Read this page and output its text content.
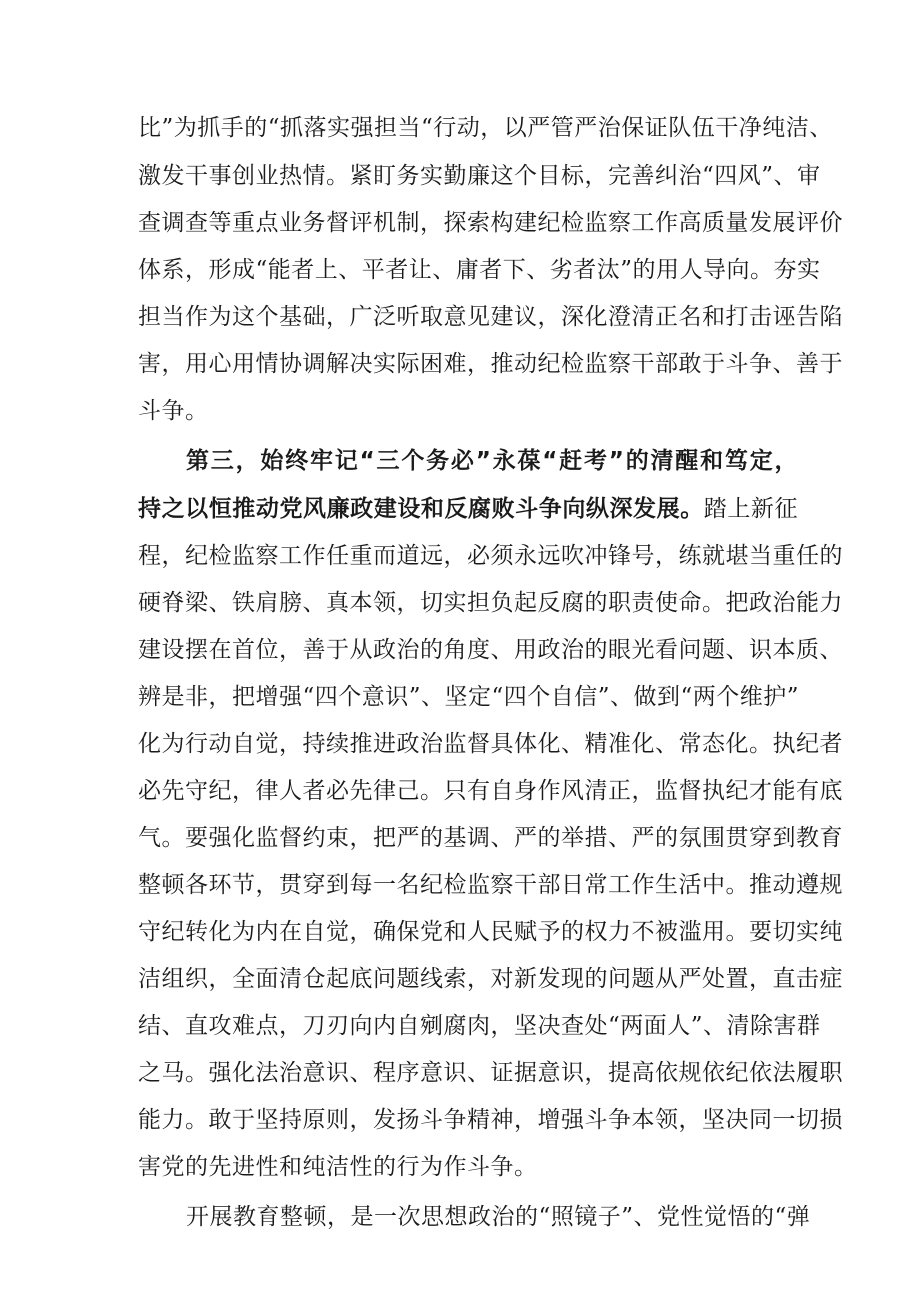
比”为抓手的“抓落实强担当“行动，以严管严治保证队伍干净纯洁、
激发干事创业热情。紧盯务实勤廉这个目标，完善纠治“四风”、审
查调查等重点业务督评机制，探索构建纪检监察工作高质量发展评价
体系，形成“能者上、平者让、庸者下、劣者汰”的用人导向。夯实
担当作为这个基础，广泛听取意见建议，深化澄清正名和打击诬告陷
害，用心用情协调解决实际困难，推动纪检监察干部敢于斗争、善于
斗争。
第三，始终牢记“三个务必”永葆“赶考”的清醒和笃定，
持之以恒推动党风廉政建设和反腐败斗争向纵深发展。踏上新征
程，纪检监察工作任重而道远，必须永远吹冲锋号，练就堪当重任的
硬脊梁、铁肩膀、真本领，切实担负起反腐的职责使命。把政治能力
建设摆在首位，善于从政治的角度、用政治的眼光看问题、识本质、
辨是非，把增强“四个意识”、坚定“四个自信”、做到“两个维护”
化为行动自觉，持续推进政治监督具体化、精准化、常态化。执纪者
必先守纪，律人者必先律己。只有自身作风清正，监督执纪才能有底
气。要强化监督约束，把严的基调、严的举措、严的氛围贯穿到教育
整顿各环节，贯穿到每一名纪检监察干部日常工作生活中。推动遵规
守纪转化为内在自觉，确保党和人民赋予的权力不被滥用。要切实纯
洁组织，全面清仓起底问题线索，对新发现的问题从严处置，直击症
结、直攻难点，刀刃向内自剜腐肉，坚决查处“两面人”、清除害群
之马。强化法治意识、程序意识、证据意识，提高依规依纪依法履职
能力。敢于坚持原则，发扬斗争精神，增强斗争本领，坚决同一切损
害党的先进性和纯洁性的行为作斗争。
开展教育整顿，是一次思想政治的“照镜子”、党性觉悟的“弹
